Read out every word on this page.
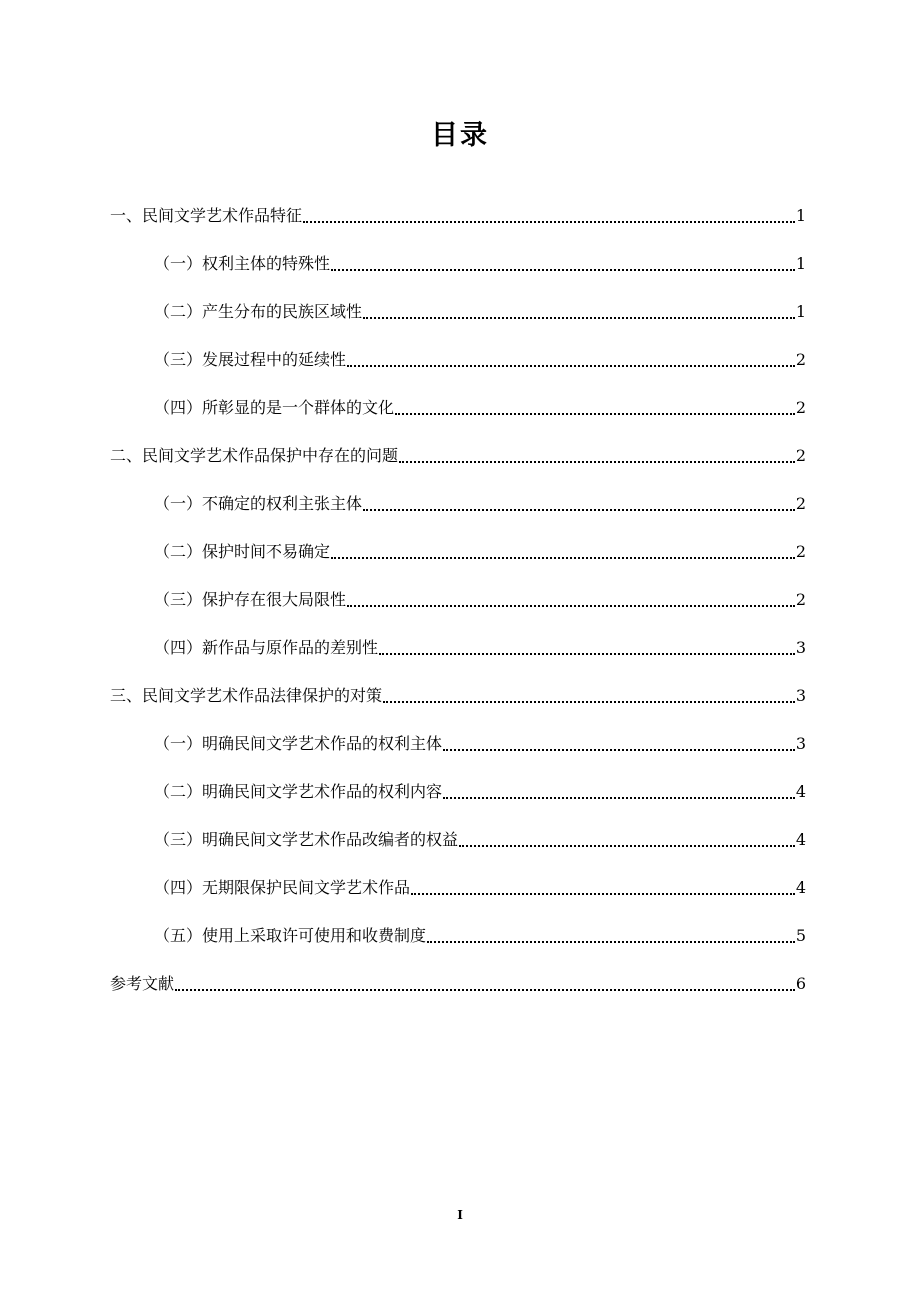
目录
一、民间文学艺术作品特征	1
（一）权利主体的特殊性	1
（二）产生分布的民族区域性	1
（三）发展过程中的延续性	2
（四）所彰显的是一个群体的文化	2
二、民间文学艺术作品保护中存在的问题	2
（一）不确定的权利主张主体	2
（二）保护时间不易确定	2
（三）保护存在很大局限性	2
（四）新作品与原作品的差别性	3
三、民间文学艺术作品法律保护的对策	3
（一）明确民间文学艺术作品的权利主体	3
（二）明确民间文学艺术作品的权利内容	4
（三）明确民间文学艺术作品改编者的权益	4
（四）无期限保护民间文学艺术作品	4
（五）使用上采取许可使用和收费制度	5
参考文献	6
I
